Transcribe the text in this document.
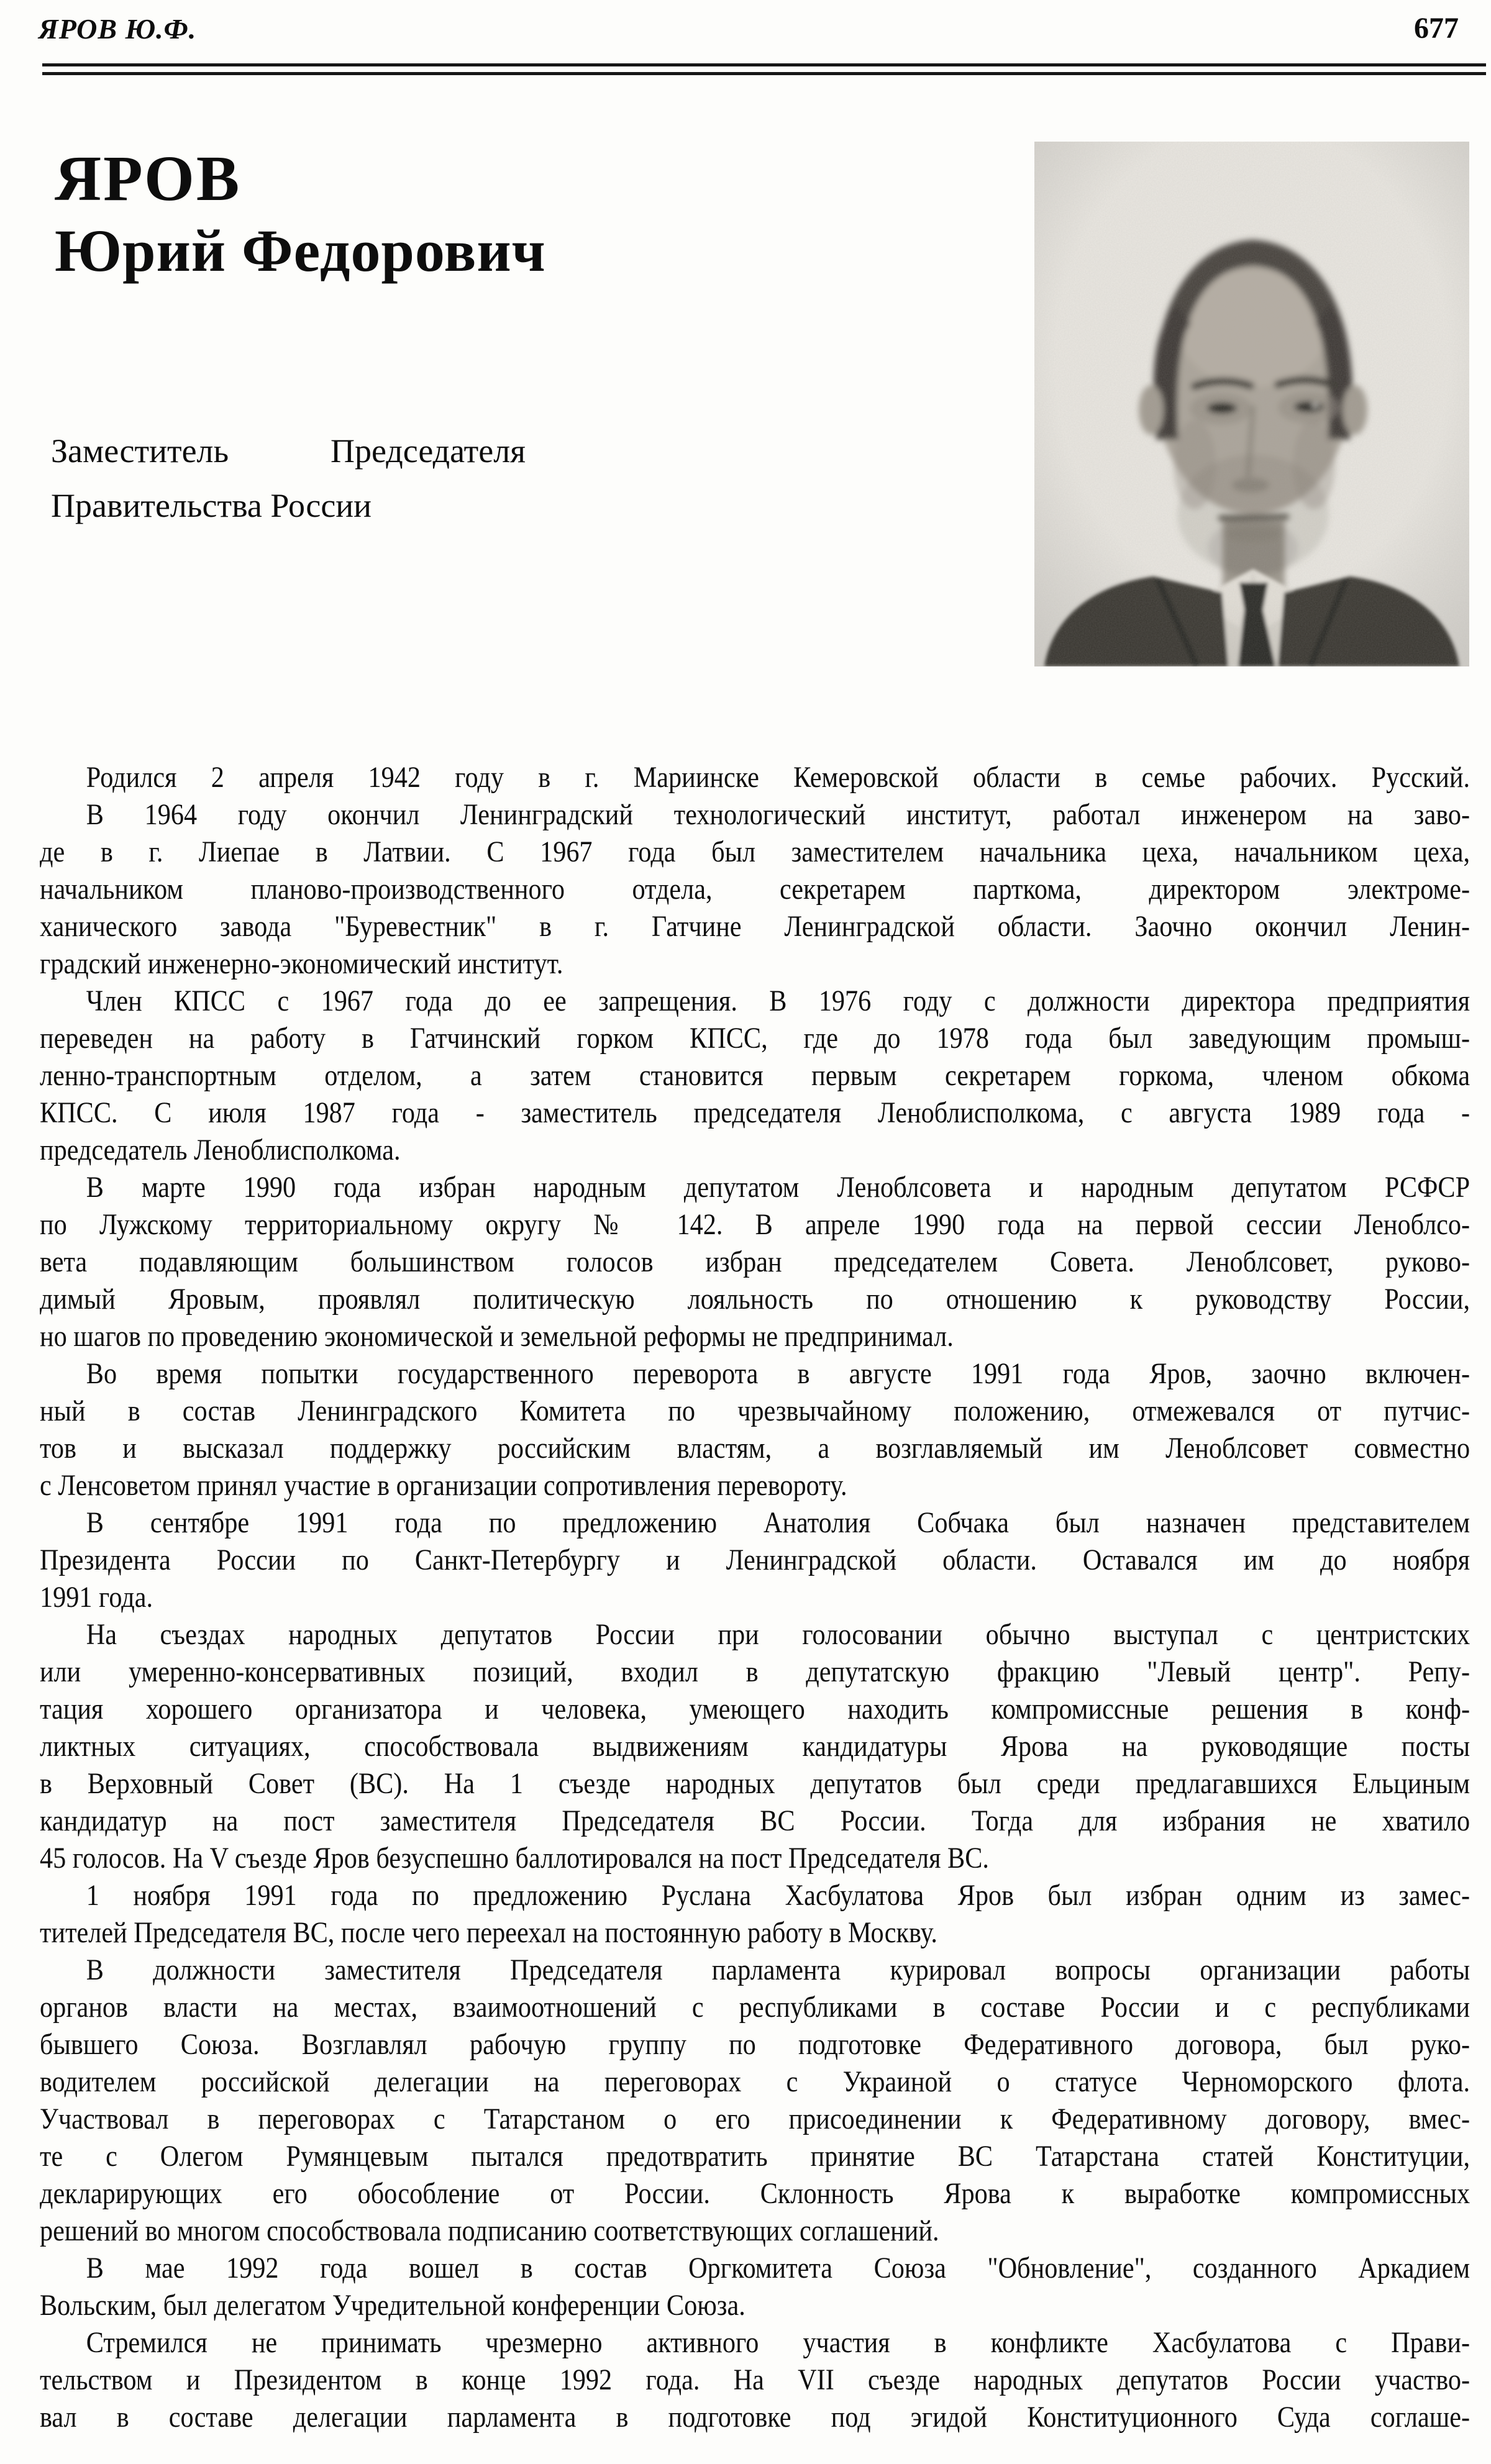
ЯРОВ Ю.Ф.	677
ЯРОВ
Юрий Федорович
Заместитель Председателя
Правительства России
Родился 2 апреля 1942 году в г. Мариинске Кемеровской области в семье рабочих. Русский.
В 1964 году окончил Ленинградский технологический институт, работал инженером на заво-
де в г. Лиепае в Латвии. С 1967 года был заместителем начальника цеха, начальником цеха,
начальником планово-производственного отдела, секретарем парткома, директором электроме-
ханического завода "Буревестник" в г. Гатчине Ленинградской области. Заочно окончил Ленин-
градский инженерно-экономический институт.
Член КПСС с 1967 года до ее запрещения. В 1976 году с должности директора предприятия
переведен на работу в Гатчинский горком КПСС, где до 1978 года был заведующим промыш-
ленно-транспортным отделом, а затем становится первым секретарем горкома, членом обкома
КПСС. С июля 1987 года - заместитель председателя Леноблисполкома, с августа 1989 года -
председатель Леноблисполкома.
В марте 1990 года избран народным депутатом Леноблсовета и народным депутатом РСФСР
по Лужскому территориальному округу № 142. В апреле 1990 года на первой сессии Леноблсо-
вета подавляющим большинством голосов избран председателем Совета. Леноблсовет, руково-
димый Яровым, проявлял политическую лояльность по отношению к руководству России,
но шагов по проведению экономической и земельной реформы не предпринимал.
Во время попытки государственного переворота в августе 1991 года Яров, заочно включен-
ный в состав Ленинградского Комитета по чрезвычайному положению, отмежевался от путчис-
тов и высказал поддержку российским властям, а возглавляемый им Леноблсовет совместно
с Ленсоветом принял участие в организации сопротивления перевороту.
В сентябре 1991 года по предложению Анатолия Собчака был назначен представителем
Президента России по Санкт-Петербургу и Ленинградской области. Оставался им до ноября
1991 года.
На съездах народных депутатов России при голосовании обычно выступал с центристских
или умеренно-консервативных позиций, входил в депутатскую фракцию "Левый центр". Репу-
тация хорошего организатора и человека, умеющего находить компромиссные решения в конф-
ликтных ситуациях, способствовала выдвижениям кандидатуры Ярова на руководящие посты
в Верховный Совет (ВС). На 1 съезде народных депутатов был среди предлагавшихся Ельциным
кандидатур на пост заместителя Председателя ВС России. Тогда для избрания не хватило
45 голосов. На V съезде Яров безуспешно баллотировался на пост Председателя ВС.
1 ноября 1991 года по предложению Руслана Хасбулатова Яров был избран одним из замес-
тителей Председателя ВС, после чего переехал на постоянную работу в Москву.
В должности заместителя Председателя парламента курировал вопросы организации работы
органов власти на местах, взаимоотношений с республиками в составе России и с республиками
бывшего Союза. Возглавлял рабочую группу по подготовке Федеративного договора, был руко-
водителем российской делегации на переговорах с Украиной о статусе Черноморского флота.
Участвовал в переговорах с Татарстаном о его присоединении к Федеративному договору, вмес-
те с Олегом Румянцевым пытался предотвратить принятие ВС Татарстана статей Конституции,
декларирующих его обособление от России. Склонность Ярова к выработке компромиссных
решений во многом способствовала подписанию соответствующих соглашений.
В мае 1992 года вошел в состав Оргкомитета Союза "Обновление", созданного Аркадием
Вольским, был делегатом Учредительной конференции Союза.
Стремился не принимать чрезмерно активного участия в конфликте Хасбулатова с Прави-
тельством и Президентом в конце 1992 года. На VII съезде народных депутатов России участво-
вал в составе делегации парламента в подготовке под эгидой Конституционного Суда соглаше-
